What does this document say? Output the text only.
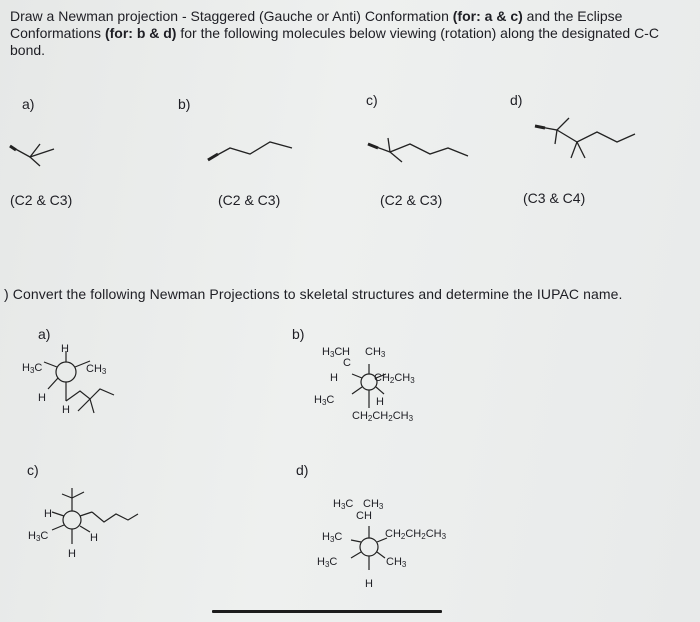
Draw a Newman projection - Staggered (Gauche or Anti) Conformation (for: a & c) and the Eclipse Conformations (for: b & d) for the following molecules below viewing (rotation) along the designated C-C bond.
a)	b)	c)	d)
(C2 & C3)	(C2 & C3)	(C2 & C3)	(C3 & C4)
) Convert the following Newman Projections to skeletal structures and determine the IUPAC name.
a)	b)
c)	d)
H
$H_3C$	$CH_3$
H
H
$H_3C$ H $CH_3$
C
H	$CH_2CH_3$
$H_3C$	H
$CH_2CH_2CH_3$
H
$H_3C$	H
H
$H_3C$ $CH_3$
CH
$H_3C$	$CH_2CH_2CH_3$
$H_3C$	$CH_3$
H
